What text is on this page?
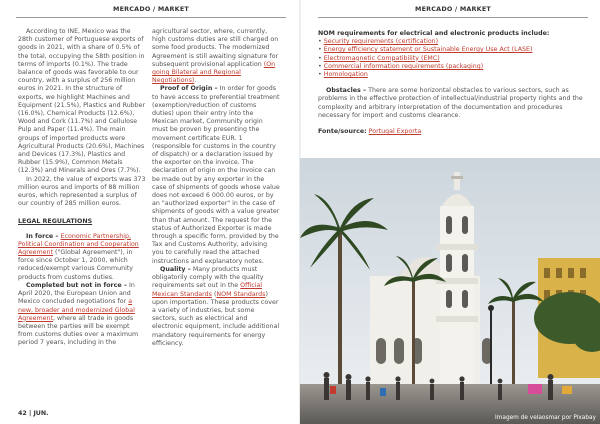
MERCADO / MARKET	MERCADO / MARKET

According to INE, Mexico was the 28th customer of Portuguese exports of goods in 2021, with a share of 0.5% of the total, occupying the 58th position in terms of imports (0.1%). The trade balance of goods was favorable to our country, with a surplus of 256 million euros in 2021. In the structure of exports, we highlight Machines and Equipment (21.5%), Plastics and Rubber (16.0%), Chemical Products (12.6%), Wood and Cork (11.7%) and Cellulose Pulp and Paper (11.4%). The main groups of imported products were Agricultural Products (20.6%), Machines and Devices (17.3%), Plastics and Rubber (15.9%), Common Metals (12.3%) and Minerals and Ores (7.7%).

In 2022, the value of exports was 373 million euros and imports of 88 million euros, which represented a surplus of our country of 285 million euros.

LEGAL REGULATIONS

In force – Economic Partnership, Political Coordination and Cooperation Agreement ("Global Agreement"), in force since October 1, 2000, which reduced/exempt various Community products from customs duties.

Completed but not in force – In April 2020, the European Union and Mexico concluded negotiations for a new, broader and modernized Global Agreement, where all trade in goods between the parties will be exempt from customs duties over a maximum period 7 years, including in the

agricultural sector, where, currently, high customs duties are still charged on some food products. The modernized Agreement is still awaiting signature for subsequent provisional application (On going Bilateral and Regional Negotiations).

Proof of Origin – In order for goods to have access to preferential treatment (exemption/reduction of customs duties) upon their entry into the Mexican market, Community origin must be proven by presenting the movement certificate EUR. 1 (responsible for customs in the country of dispatch) or a declaration issued by the exporter on the invoice. The declaration of origin on the invoice can be made out by any exporter in the case of shipments of goods whose value does not exceed 6 000.00 euros, or by an "authorized exporter" in the case of shipments of goods with a value greater than that amount. The request for the status of Authorized Exporter is made through a specific form, provided by the Tax and Customs Authority, advising you to carefully read the attached instructions and explanatory notes.

Quality – Many products must obligatorily comply with the quality requirements set out in the Official Mexican Standards (NOM Standards) upon importation. These products cover a variety of industries, but some sectors, such as electrical and electronic equipment, include additional mandatory requirements for energy efficiency.

NOM requirements for electrical and electronic products include:

• Security requirements (certification)
• Energy efficiency statement or Sustainable Energy Use Act (LASE)
• Electromagnetic Compatibility (EMC)
• Commercial information requirements (packaging)
• Homologation

Obstacles – There are some horizontal obstacles to various sectors, such as problems in the effective protection of intellectual/industrial property rights and the complexity and arbitrary interpretation of the documentation and procedures necessary for import and customs clearance.

Fonte/source: Portugal Exporta

Imagem de velaosmar por Pixabay
42 | JUN.
